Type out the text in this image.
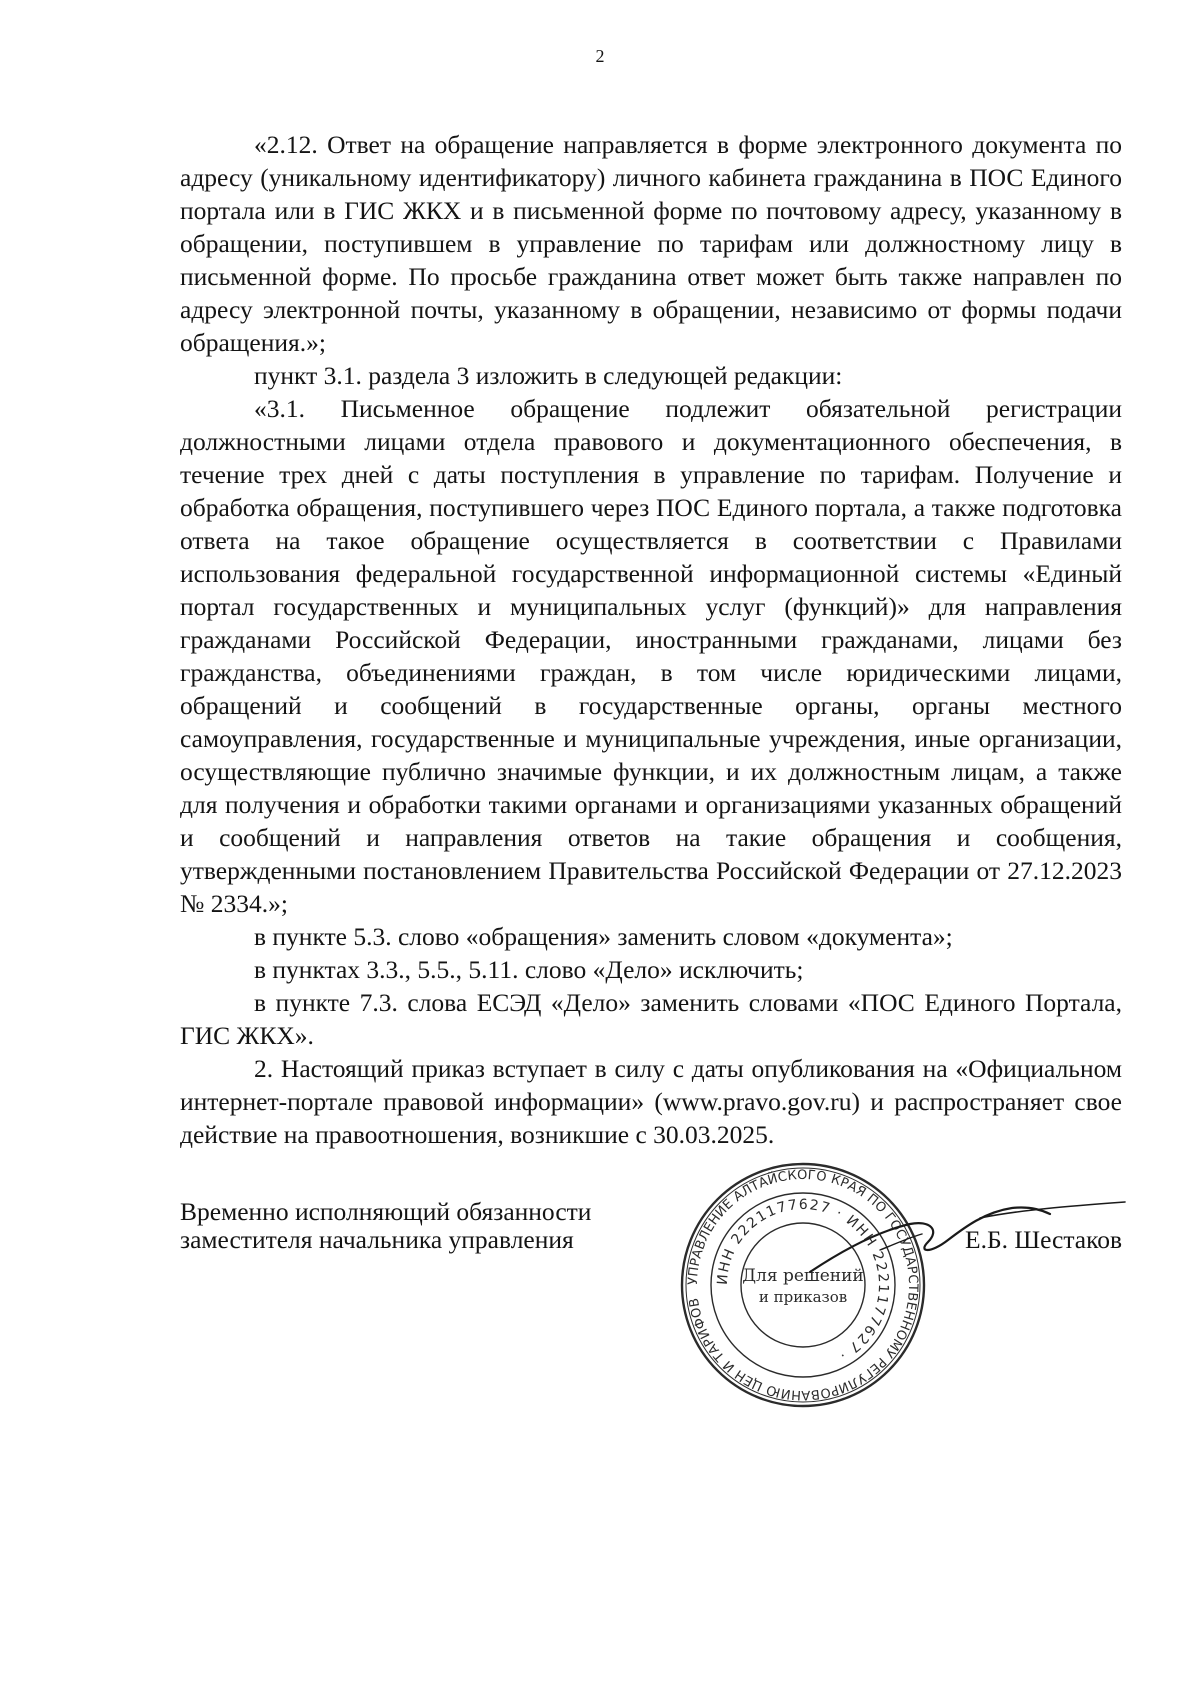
2

«2.12. Ответ на обращение направляется в форме электронного документа по адресу (уникальному идентификатору) личного кабинета гражданина в ПОС Единого портала или в ГИС ЖКХ и в письменной форме по почтовому адресу, указанному в обращении, поступившем в управление по тарифам или должностному лицу в письменной форме. По просьбе гражданина ответ может быть также направлен по адресу электронной почты, указанному в обращении, независимо от формы подачи обращения.»;

пункт 3.1. раздела 3 изложить в следующей редакции:

«3.1. Письменное обращение подлежит обязательной регистрации должностными лицами отдела правового и документационного обеспечения, в течение трех дней с даты поступления в управление по тарифам. Получение и обработка обращения, поступившего через ПОС Единого портала, а также подготовка ответа на такое обращение осуществляется в соответствии с Правилами использования федеральной государственной информационной системы «Единый портал государственных и муниципальных услуг (функций)» для направления гражданами Российской Федерации, иностранными гражданами, лицами без гражданства, объединениями граждан, в том числе юридическими лицами, обращений и сообщений в государственные органы, органы местного самоуправления, государственные и муниципальные учреждения, иные организации, осуществляющие публично значимые функции, и их должностным лицам, а также для получения и обработки такими органами и организациями указанных обращений и сообщений и направления ответов на такие обращения и сообщения, утвержденными постановлением Правительства Российской Федерации от 27.12.2023 № 2334.»;

в пункте 5.3. слово «обращения» заменить словом «документа»;

в пунктах 3.3., 5.5., 5.11. слово «Дело» исключить;

в пункте 7.3. слова ЕСЭД «Дело» заменить словами «ПОС Единого Портала, ГИС ЖКХ».

2. Настоящий приказ вступает в силу с даты опубликования на «Официальном интернет-портале правовой информации» (www.pravo.gov.ru) и распространяет свое действие на правоотношения, возникшие с 30.03.2025.

Временно исполняющий обязанности
заместителя начальника управления
УПРАВЛЕНИЕ АЛТАЙСКОГО КРАЯ ПО ГОСУДАРСТВЕННОМУ РЕГУЛИРОВАНИЮ ЦЕН И ТАРИФОВ
ИНН 2221177627 · ИНН 2221177627 ·
Для решений
и приказов
Е.Б. Шестаков
